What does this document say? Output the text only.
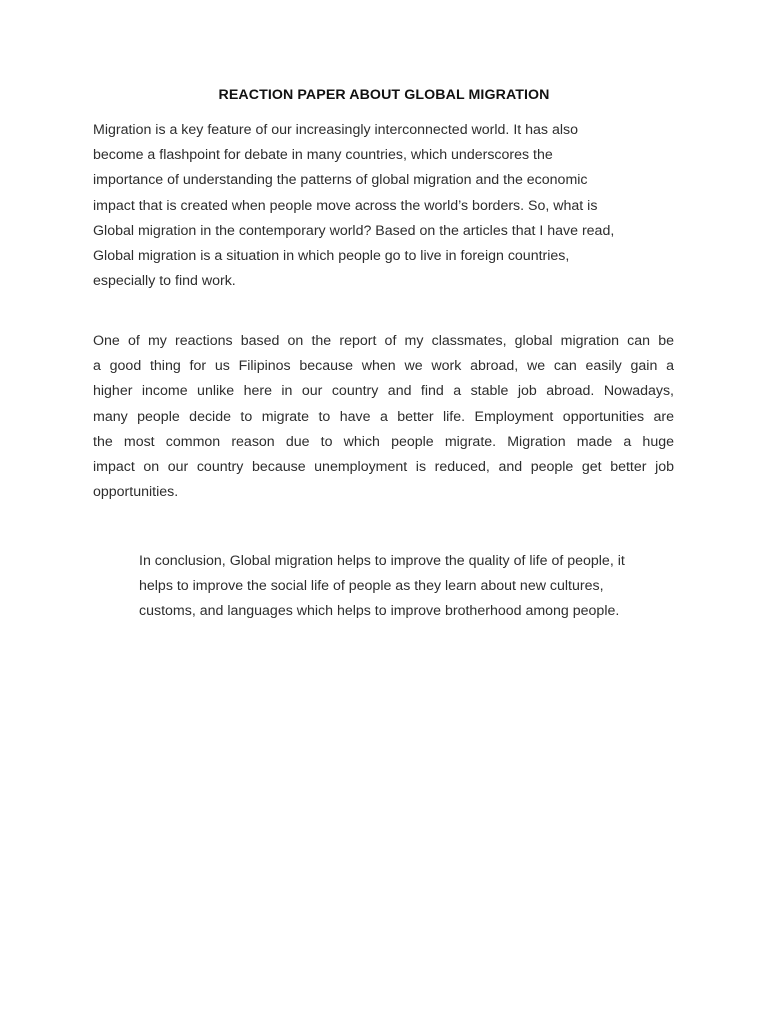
REACTION PAPER ABOUT GLOBAL MIGRATION

Migration is a key feature of our increasingly interconnected world. It has also
become a flashpoint for debate in many countries, which underscores the
importance of understanding the patterns of global migration and the economic
impact that is created when people move across the world’s borders. So, what is
Global migration in the contemporary world? Based on the articles that I have read,
Global migration is a situation in which people go to live in foreign countries,
especially to find work.

One of my reactions based on the report of my classmates, global migration can be
a good thing for us Filipinos because when we work abroad, we can easily gain a
higher income unlike here in our country and find a stable job abroad. Nowadays,
many people decide to migrate to have a better life. Employment opportunities are
the most common reason due to which people migrate. Migration made a huge
impact on our country because unemployment is reduced, and people get better job
opportunities.

In conclusion, Global migration helps to improve the quality of life of people, it
helps to improve the social life of people as they learn about new cultures,
customs, and languages which helps to improve brotherhood among people.
